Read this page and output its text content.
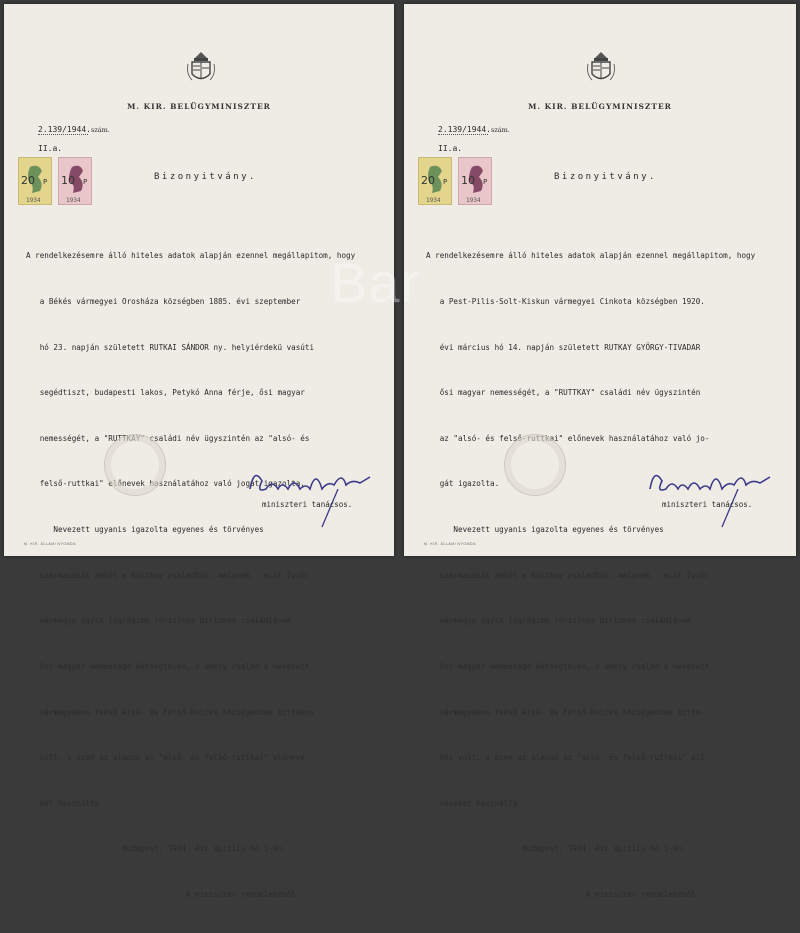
M. KIR. BELÜGYMINISZTER
2.139/1944.szám.
II.a.
20 P
1934
10 P
1934
Bizonyitvány.

A rendelkezésemre álló hiteles adatok alapján ezennel megállapitom, hogy

a Békés vármegyei Orosháza községben 1885. évi szeptember

hó 23. napján született RUTKAI SÁNDOR ny. helyiérdekü vasúti

segédtiszt, budapesti lakos, Petykó Anna férje, ősi magyar

nemességét, a "RUTTKAY" családi név ügyszintén az "alsó- és

felső-ruttkai" előnevek használatához való jogát igazolta.

Nevezett ugyanis igazolta egyenes és törvényes

származását abból a Ruttkay családból, melynek - mint Turóc

vármegye egyik legrégibb törzsökös birtokos családjának -

ősi magyar nemessége kétségtelen, s amely család a nevezett

vármegyében fekvő Alsó- és Felső-Ruttka községekben birtokos

volt, s ezen az alapon az "alsó- és felső-ruttkai" előneve-

ket használta.

Budapest, 1944. évi április hó 1-én.

A miniszter rendeletéből:

miniszteri tanácsos.
M. KIR. ÁLLAMI NYOMDA
M. KIR. BELÜGYMINISZTER
2.139/1944.szám.
II.a.
20 P
1934
10 P
1934
Bizonyitvány.

A rendelkezésemre álló hiteles adatok alapján ezennel megállapitom, hogy

a Pest-Pilis-Solt-Kiskun vármegyei Cinkota községben 1920.

évi március hó 14. napján született RUTKAY GYÖRGY-TIVADAR

ősi magyar nemességét, a "RUTTKAY" családi név ügyszintén

az "alsó- és felső-ruttkai" előnevek használatához való jo-

gát igazolta.

Nevezett ugyanis igazolta egyenes és törvényes

származását abból a Ruttkay családból, melynek - mint Turóc

vármegye egyik legrégibb törzsökös birtokos családjának -

ősi magyar nemessége kétségtelen, s amely család a nevezett

vármegyében fekvő Alsó- és Felső-Ruttka községekben birto-

kos volt, s ezen az alapon az "alsó- és felső-ruttkai" elő-

neveket használta.

Budapest, 1944. évi április hó 1-én.

A miniszter rendeletéből:

miniszteri tanácsos.
M. KIR. ÁLLAMI NYOMDA
Bar
